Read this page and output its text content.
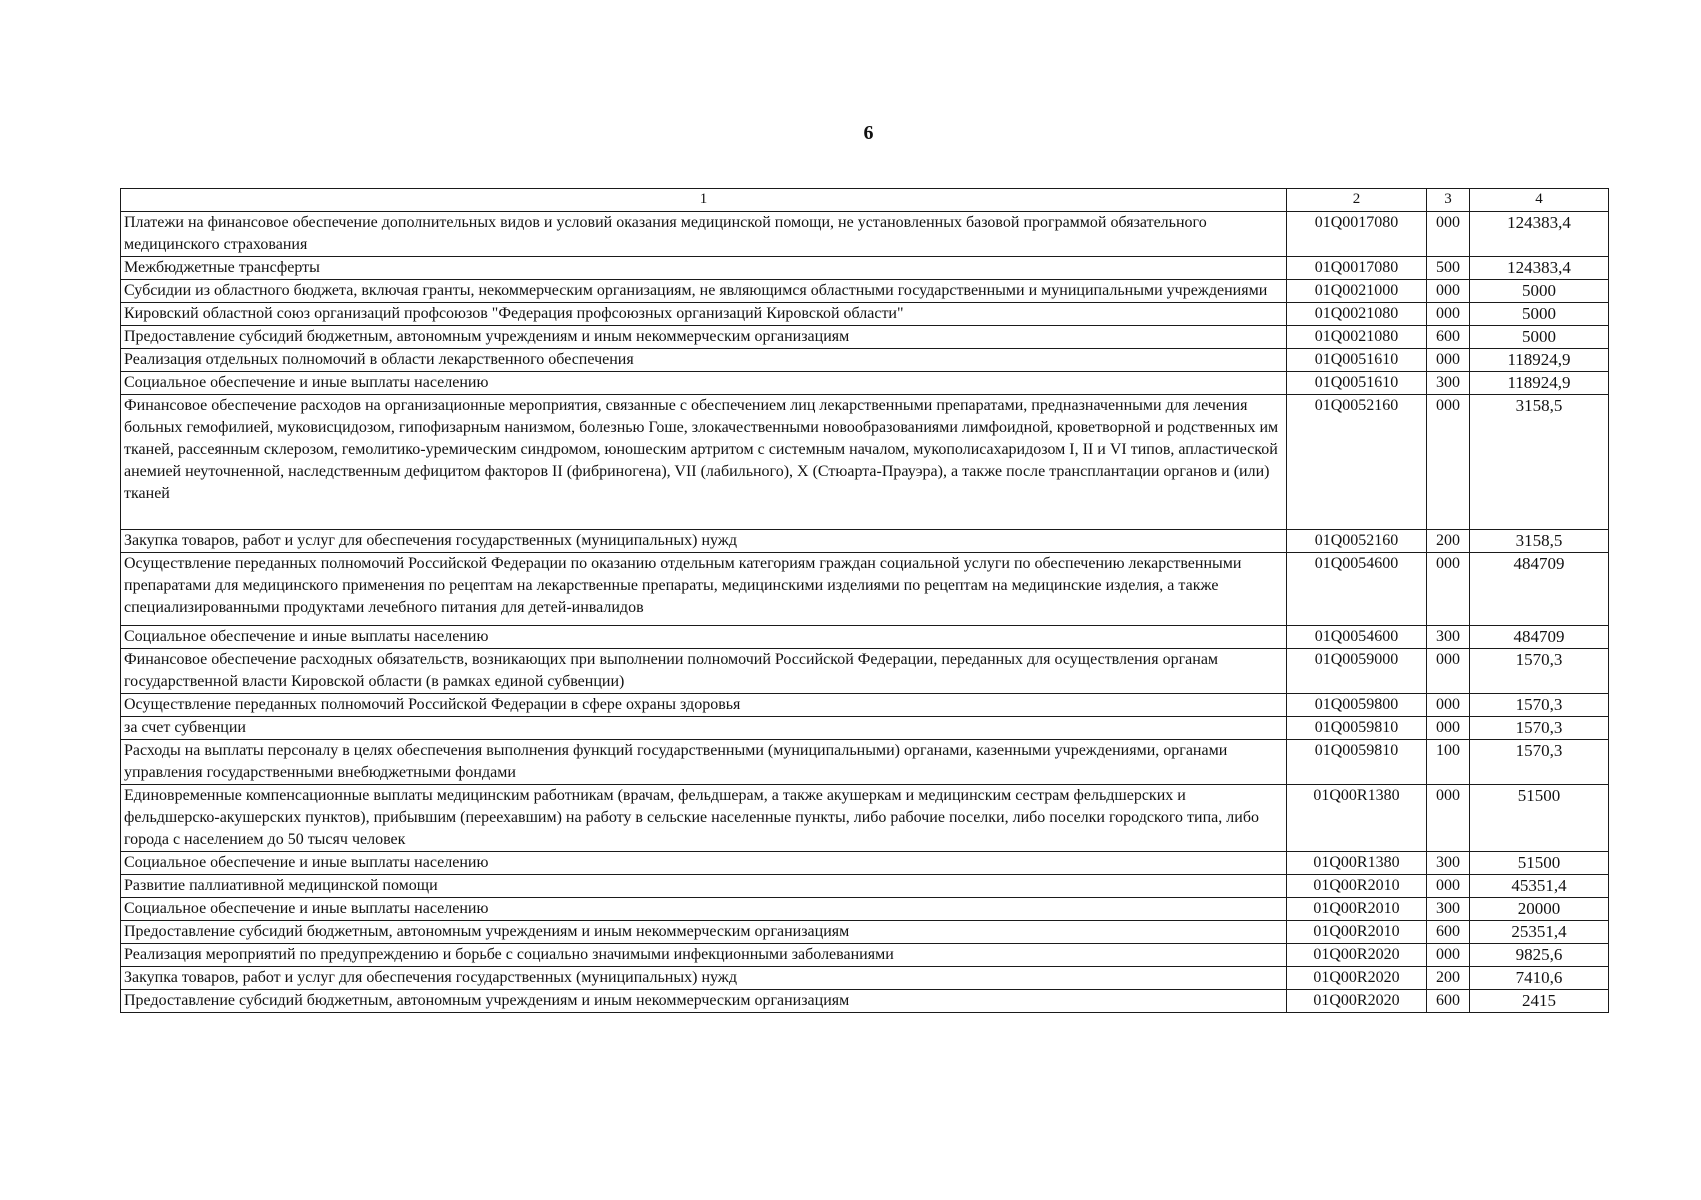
6
1	2	3	4
Платежи на финансовое обеспечение дополнительных видов и условий оказания медицинской помощи, не установленных базовой программой обязательного медицинского страхования	01Q0017080	000	124383,4
Межбюджетные трансферты	01Q0017080	500	124383,4
Субсидии из областного бюджета, включая гранты, некоммерческим организациям, не являющимся областными государственными и муниципальными учреждениями	01Q0021000	000	5000
Кировский областной союз организаций профсоюзов "Федерация профсоюзных организаций Кировской области"	01Q0021080	000	5000
Предоставление субсидий бюджетным, автономным учреждениям и иным некоммерческим организациям	01Q0021080	600	5000
Реализация отдельных полномочий в области лекарственного обеспечения	01Q0051610	000	118924,9
Социальное обеспечение и иные выплаты населению	01Q0051610	300	118924,9
Финансовое обеспечение расходов на организационные мероприятия, связанные с обеспечением лиц лекарственными препаратами, предназначенными для лечения больных гемофилией, муковисцидозом, гипофизарным нанизмом, болезнью Гоше, злокачественными новообразованиями лимфоидной, кроветворной и родственных им тканей, рассеянным склерозом, гемолитико-уремическим синдромом, юношеским артритом с системным началом, мукополисахаридозом I, II и VI типов, апластической анемией неуточненной, наследственным дефицитом факторов II (фибриногена), VII (лабильного), X (Стюарта-Прауэра), а также после трансплантации органов и (или) тканей	01Q0052160	000	3158,5
Закупка товаров, работ и услуг для обеспечения государственных (муниципальных) нужд	01Q0052160	200	3158,5
Осуществление переданных полномочий Российской Федерации по оказанию отдельным категориям граждан социальной услуги по обеспечению лекарственными препаратами для медицинского применения по рецептам на лекарственные препараты, медицинскими изделиями по рецептам на медицинские изделия, а также специализированными продуктами лечебного питания для детей-инвалидов	01Q0054600	000	484709
Социальное обеспечение и иные выплаты населению	01Q0054600	300	484709
Финансовое обеспечение расходных обязательств, возникающих при выполнении полномочий Российской Федерации, переданных для осуществления органам государственной власти Кировской области (в рамках единой субвенции)	01Q0059000	000	1570,3
Осуществление переданных полномочий Российской Федерации в сфере охраны здоровья	01Q0059800	000	1570,3
за счет субвенции	01Q0059810	000	1570,3
Расходы на выплаты персоналу в целях обеспечения выполнения функций государственными (муниципальными) органами, казенными учреждениями, органами управления государственными внебюджетными фондами	01Q0059810	100	1570,3
Единовременные компенсационные выплаты медицинским работникам (врачам, фельдшерам, а также акушеркам и медицинским сестрам фельдшерских и фельдшерско-акушерских пунктов), прибывшим (переехавшим) на работу в сельские населенные пункты, либо рабочие поселки, либо поселки городского типа, либо города с населением до 50 тысяч человек	01Q00R1380	000	51500
Социальное обеспечение и иные выплаты населению	01Q00R1380	300	51500
Развитие паллиативной медицинской помощи	01Q00R2010	000	45351,4
Социальное обеспечение и иные выплаты населению	01Q00R2010	300	20000
Предоставление субсидий бюджетным, автономным учреждениям и иным некоммерческим организациям	01Q00R2010	600	25351,4
Реализация мероприятий по предупреждению и борьбе с социально значимыми инфекционными заболеваниями	01Q00R2020	000	9825,6
Закупка товаров, работ и услуг для обеспечения государственных (муниципальных) нужд	01Q00R2020	200	7410,6
Предоставление субсидий бюджетным, автономным учреждениям и иным некоммерческим организациям	01Q00R2020	600	2415
